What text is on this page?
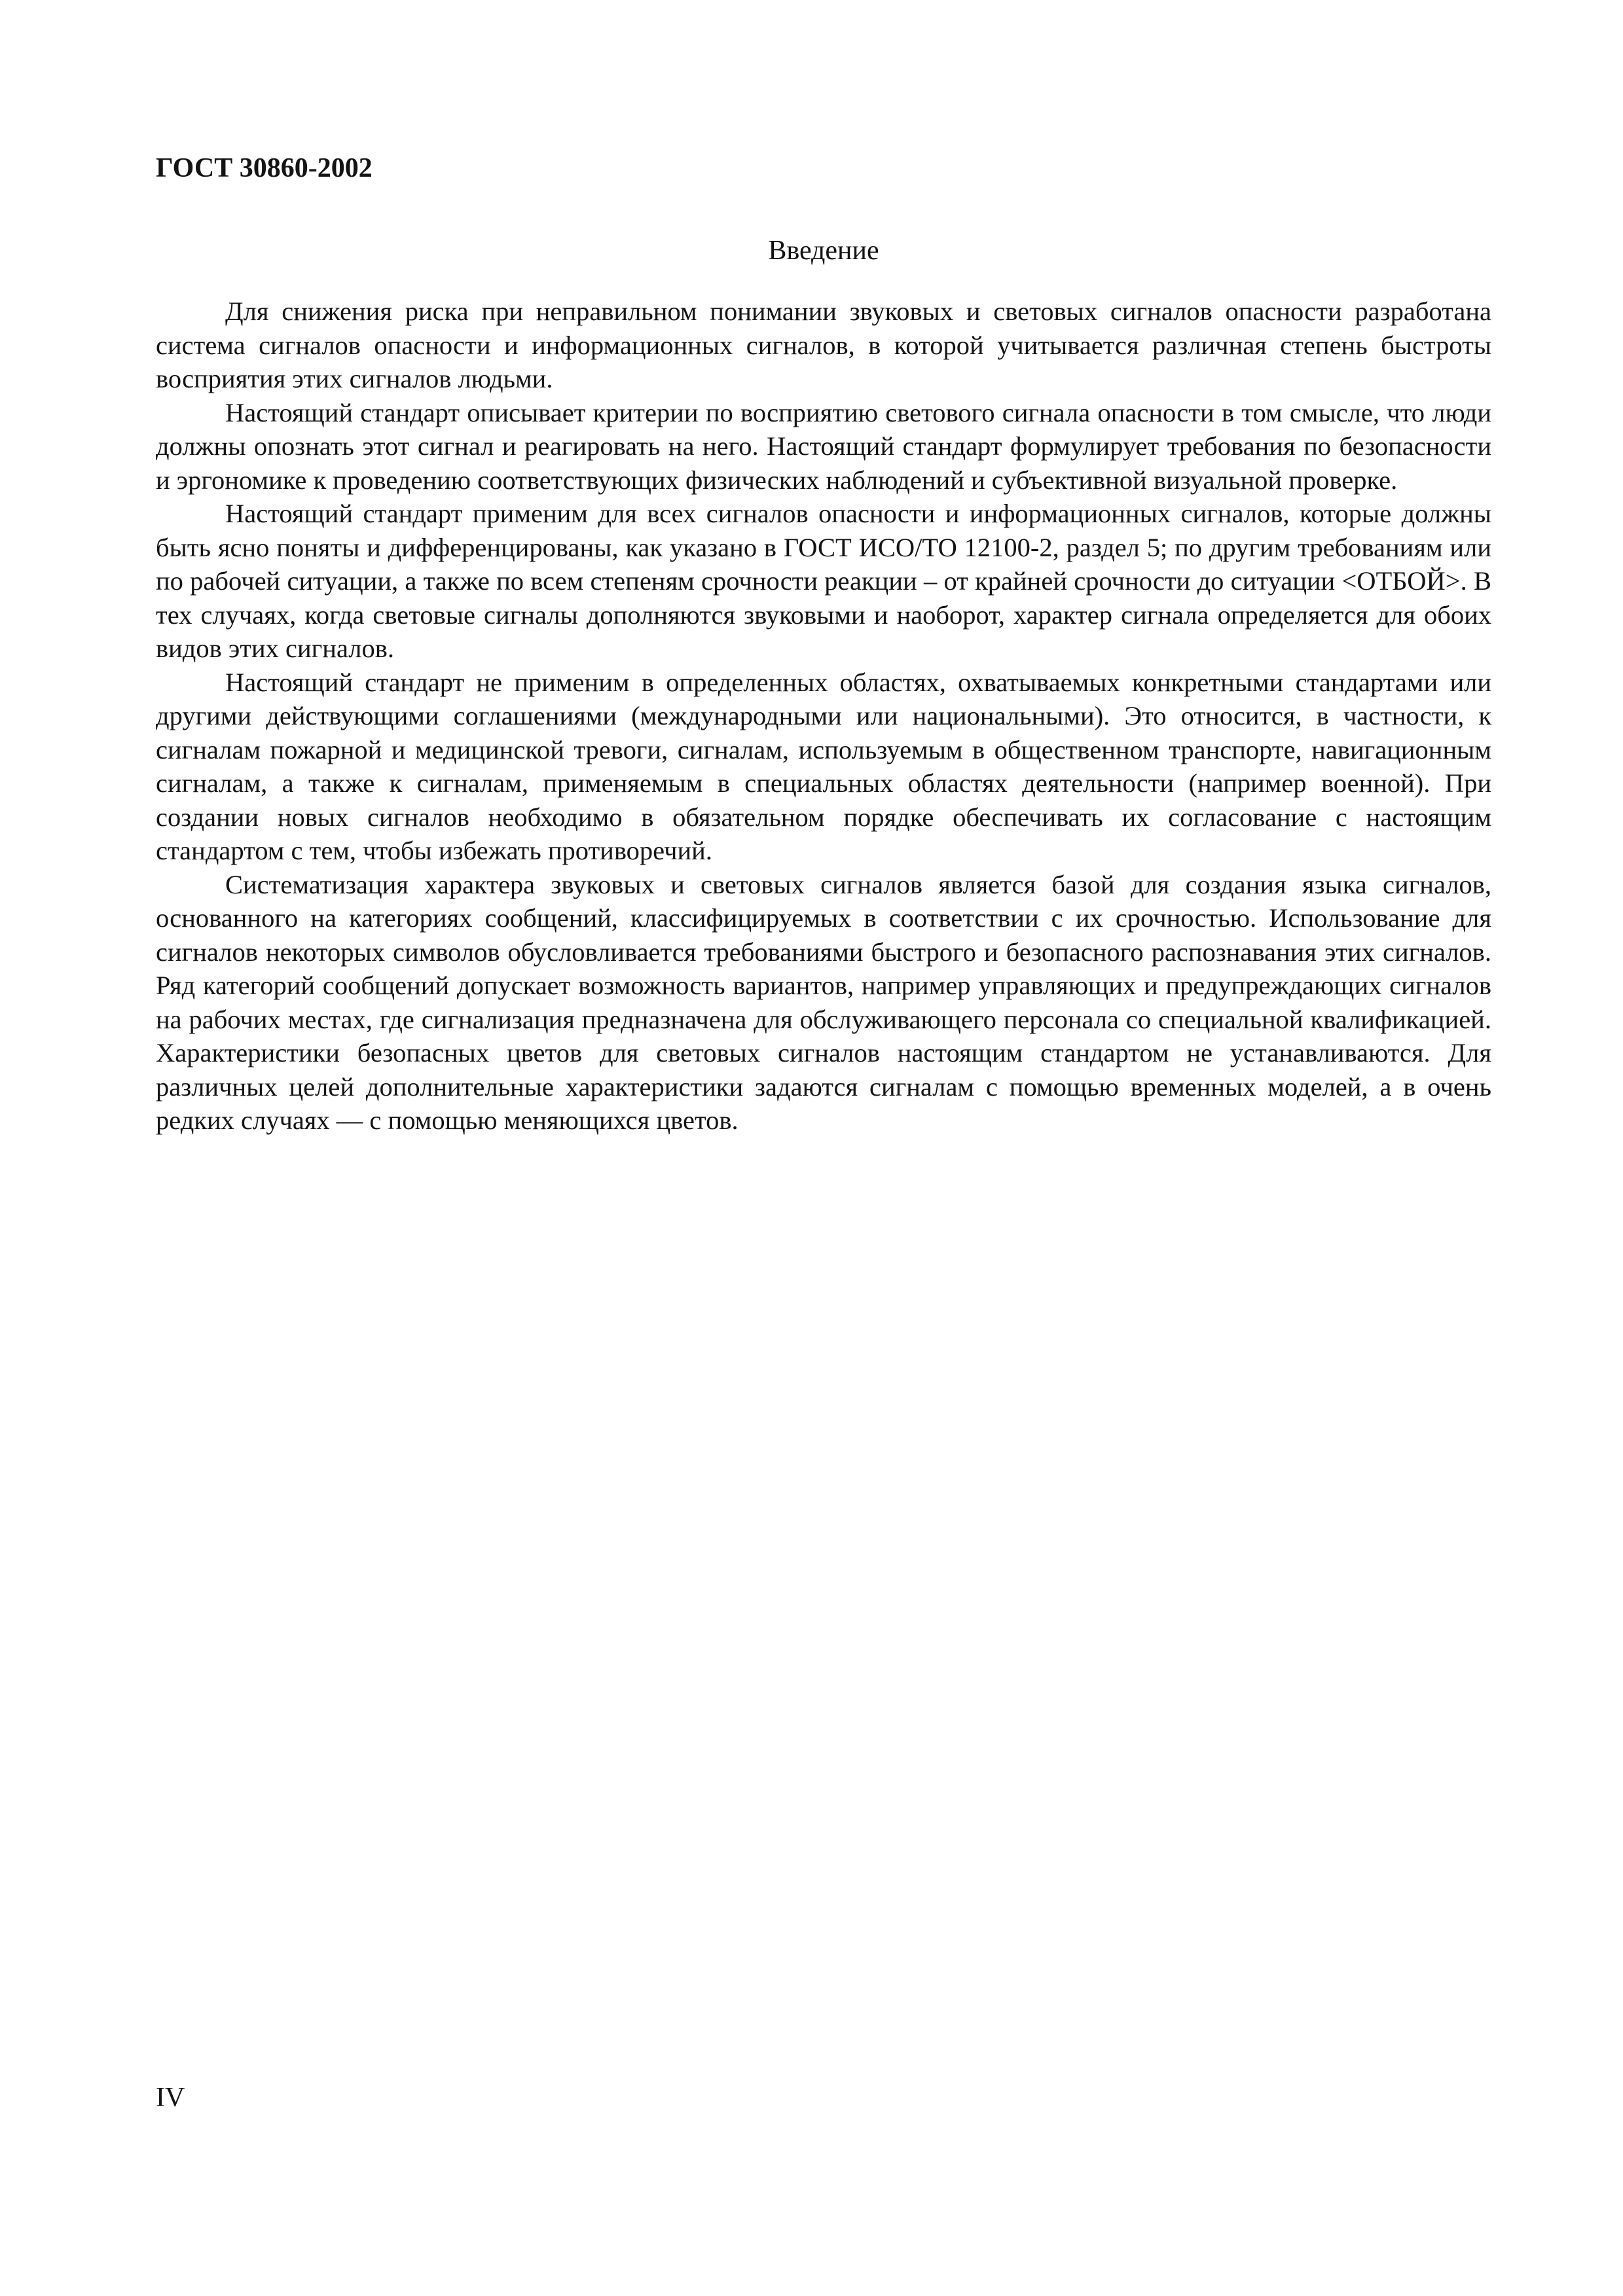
ГОСТ 30860-2002
Введение

Для снижения риска при неправильном понимании звуковых и световых сигналов опасности разработана система сигналов опасности и информационных сигналов, в которой учитывается различная степень быстроты восприятия этих сигналов людьми.

Настоящий стандарт описывает критерии по восприятию светового сигнала опасности в том смысле, что люди должны опознать этот сигнал и реагировать на него. Настоящий стандарт формулирует требования по безопасности и эргономике к проведению соответствующих физических наблюдений и субъективной визуальной проверке.

Настоящий стандарт применим для всех сигналов опасности и информационных сигналов, которые должны быть ясно поняты и дифференцированы, как указано в ГОСТ ИСО/ТО 12100-2, раздел 5; по другим требованиям или по рабочей ситуации, а также по всем степеням срочности реакции – от крайней срочности до ситуации <ОТБОЙ>. В тех случаях, когда световые сигналы дополняются звуковыми и наоборот, характер сигнала определяется для обоих видов этих сигналов.

Настоящий стандарт не применим в определенных областях, охватываемых конкретными стандартами или другими действующими соглашениями (международными или национальными). Это относится, в частности, к сигналам пожарной и медицинской тревоги, сигналам, используемым в общественном транспорте, навигационным сигналам, а также к сигналам, применяемым в специальных областях деятельности (например военной). При создании новых сигналов необходимо в обязательном порядке обеспечивать их согласование с настоящим стандартом с тем, чтобы избежать противоречий.

Систематизация характера звуковых и световых сигналов является базой для создания языка сигналов, основанного на категориях сообщений, классифицируемых в соответствии с их срочностью. Использование для сигналов некоторых символов обусловливается требованиями быстрого и безопасного распознавания этих сигналов. Ряд категорий сообщений допускает возможность вариантов, например управляющих и предупреждающих сигналов на рабочих местах, где сигнализация предназначена для обслуживающего персонала со специальной квалификацией. Характеристики безопасных цветов для световых сигналов настоящим стандартом не устанавливаются. Для различных целей дополнительные характеристики задаются сигналам с помощью временных моделей, а в очень редких случаях — с помощью меняющихся цветов.

IV
